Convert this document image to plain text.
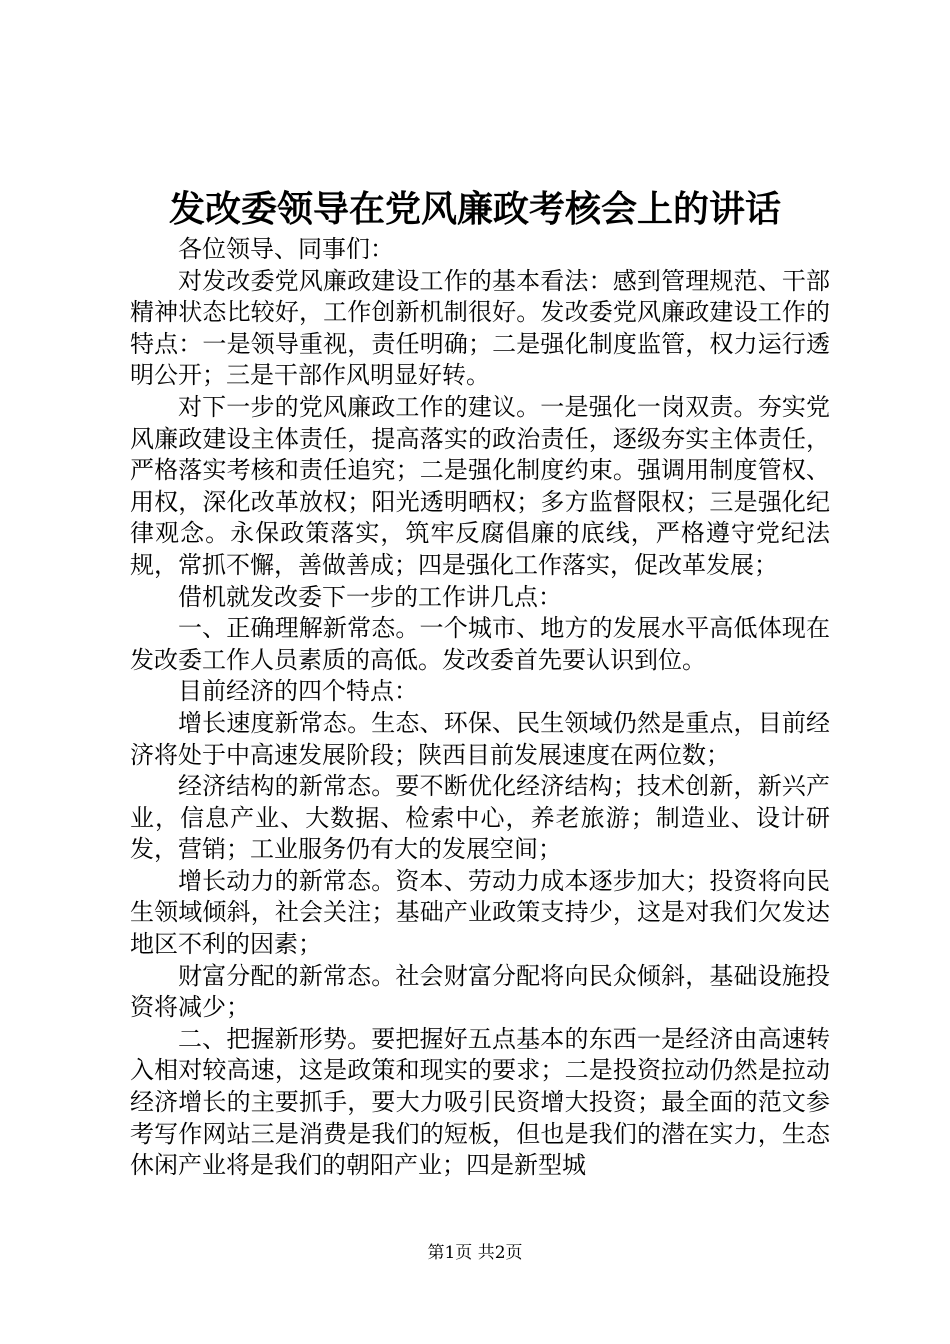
发改委领导在党风廉政考核会上的讲话

各位领导、同事们：

对发改委党风廉政建设工作的基本看法：感到管理规范、干部精神状态比较好，工作创新机制很好。发改委党风廉政建设工作的特点：一是领导重视，责任明确；二是强化制度监管，权力运行透明公开；三是干部作风明显好转。

对下一步的党风廉政工作的建议。一是强化一岗双责。夯实党风廉政建设主体责任，提高落实的政治责任，逐级夯实主体责任，严格落实考核和责任追究；二是强化制度约束。强调用制度管权、用权，深化改革放权；阳光透明晒权；多方监督限权；三是强化纪律观念。永保政策落实，筑牢反腐倡廉的底线，严格遵守党纪法规，常抓不懈，善做善成；四是强化工作落实，促改革发展；

借机就发改委下一步的工作讲几点：

一、正确理解新常态。一个城市、地方的发展水平高低体现在发改委工作人员素质的高低。发改委首先要认识到位。

目前经济的四个特点：

增长速度新常态。生态、环保、民生领域仍然是重点，目前经济将处于中高速发展阶段；陕西目前发展速度在两位数；

经济结构的新常态。要不断优化经济结构；技术创新，新兴产业，信息产业、大数据、检索中心，养老旅游；制造业、设计研发，营销；工业服务仍有大的发展空间；

增长动力的新常态。资本、劳动力成本逐步加大；投资将向民生领域倾斜，社会关注；基础产业政策支持少，这是对我们欠发达地区不利的因素；

财富分配的新常态。社会财富分配将向民众倾斜，基础设施投资将减少；

二、把握新形势。要把握好五点基本的东西一是经济由高速转入相对较高速，这是政策和现实的要求；二是投资拉动仍然是拉动经济增长的主要抓手，要大力吸引民资增大投资；最全面的范文参考写作网站三是消费是我们的短板，但也是我们的潜在实力，生态休闲产业将是我们的朝阳产业；四是新型城

第1页 共2页
